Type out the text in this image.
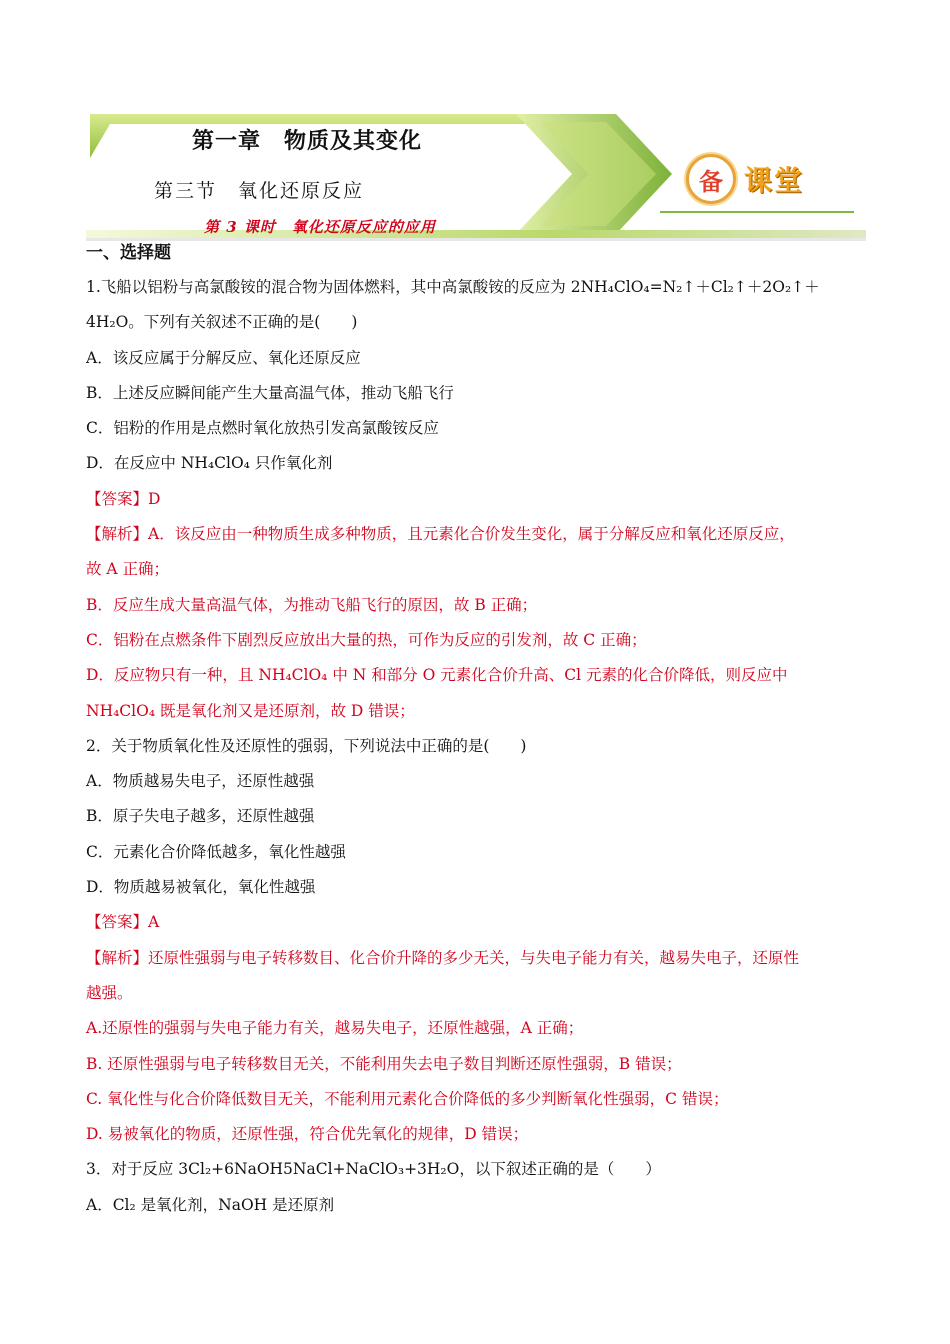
第一章　物质及其变化
第三节　氧化还原反应
第 3 课时　氧化还原反应的应用
备 课堂

一、选择题

1.飞船以铝粉与高氯酸铵的混合物为固体燃料，其中高氯酸铵的反应为 2NH₄ClO₄=N₂↑＋Cl₂↑＋2O₂↑＋

4H₂O。下列有关叙述不正确的是(　　)

A．该反应属于分解反应、氧化还原反应

B．上述反应瞬间能产生大量高温气体，推动飞船飞行

C．铝粉的作用是点燃时氧化放热引发高氯酸铵反应

D．在反应中 NH₄ClO₄ 只作氧化剂

【答案】D

【解析】A．该反应由一种物质生成多种物质，且元素化合价发生变化，属于分解反应和氧化还原反应，

故 A 正确；

B．反应生成大量高温气体，为推动飞船飞行的原因，故 B 正确；

C．铝粉在点燃条件下剧烈反应放出大量的热，可作为反应的引发剂，故 C 正确；

D．反应物只有一种，且 NH₄ClO₄ 中 N 和部分 O 元素化合价升高、Cl 元素的化合价降低，则反应中

NH₄ClO₄ 既是氧化剂又是还原剂，故 D 错误；

2．关于物质氧化性及还原性的强弱，下列说法中正确的是(　　)

A．物质越易失电子，还原性越强

B．原子失电子越多，还原性越强

C．元素化合价降低越多，氧化性越强

D．物质越易被氧化，氧化性越强

【答案】A

【解析】还原性强弱与电子转移数目、化合价升降的多少无关，与失电子能力有关，越易失电子，还原性

越强。

A.还原性的强弱与失电子能力有关，越易失电子，还原性越强，A 正确；

B. 还原性强弱与电子转移数目无关，不能利用失去电子数目判断还原性强弱，B 错误；

C. 氧化性与化合价降低数目无关，不能利用元素化合价降低的多少判断氧化性强弱，C 错误；

D. 易被氧化的物质，还原性强，符合优先氧化的规律，D 错误；

3．对于反应 3Cl₂+6NaOH5NaCl+NaClO₃+3H₂O，以下叙述正确的是（　　）

A．Cl₂ 是氧化剂，NaOH 是还原剂
